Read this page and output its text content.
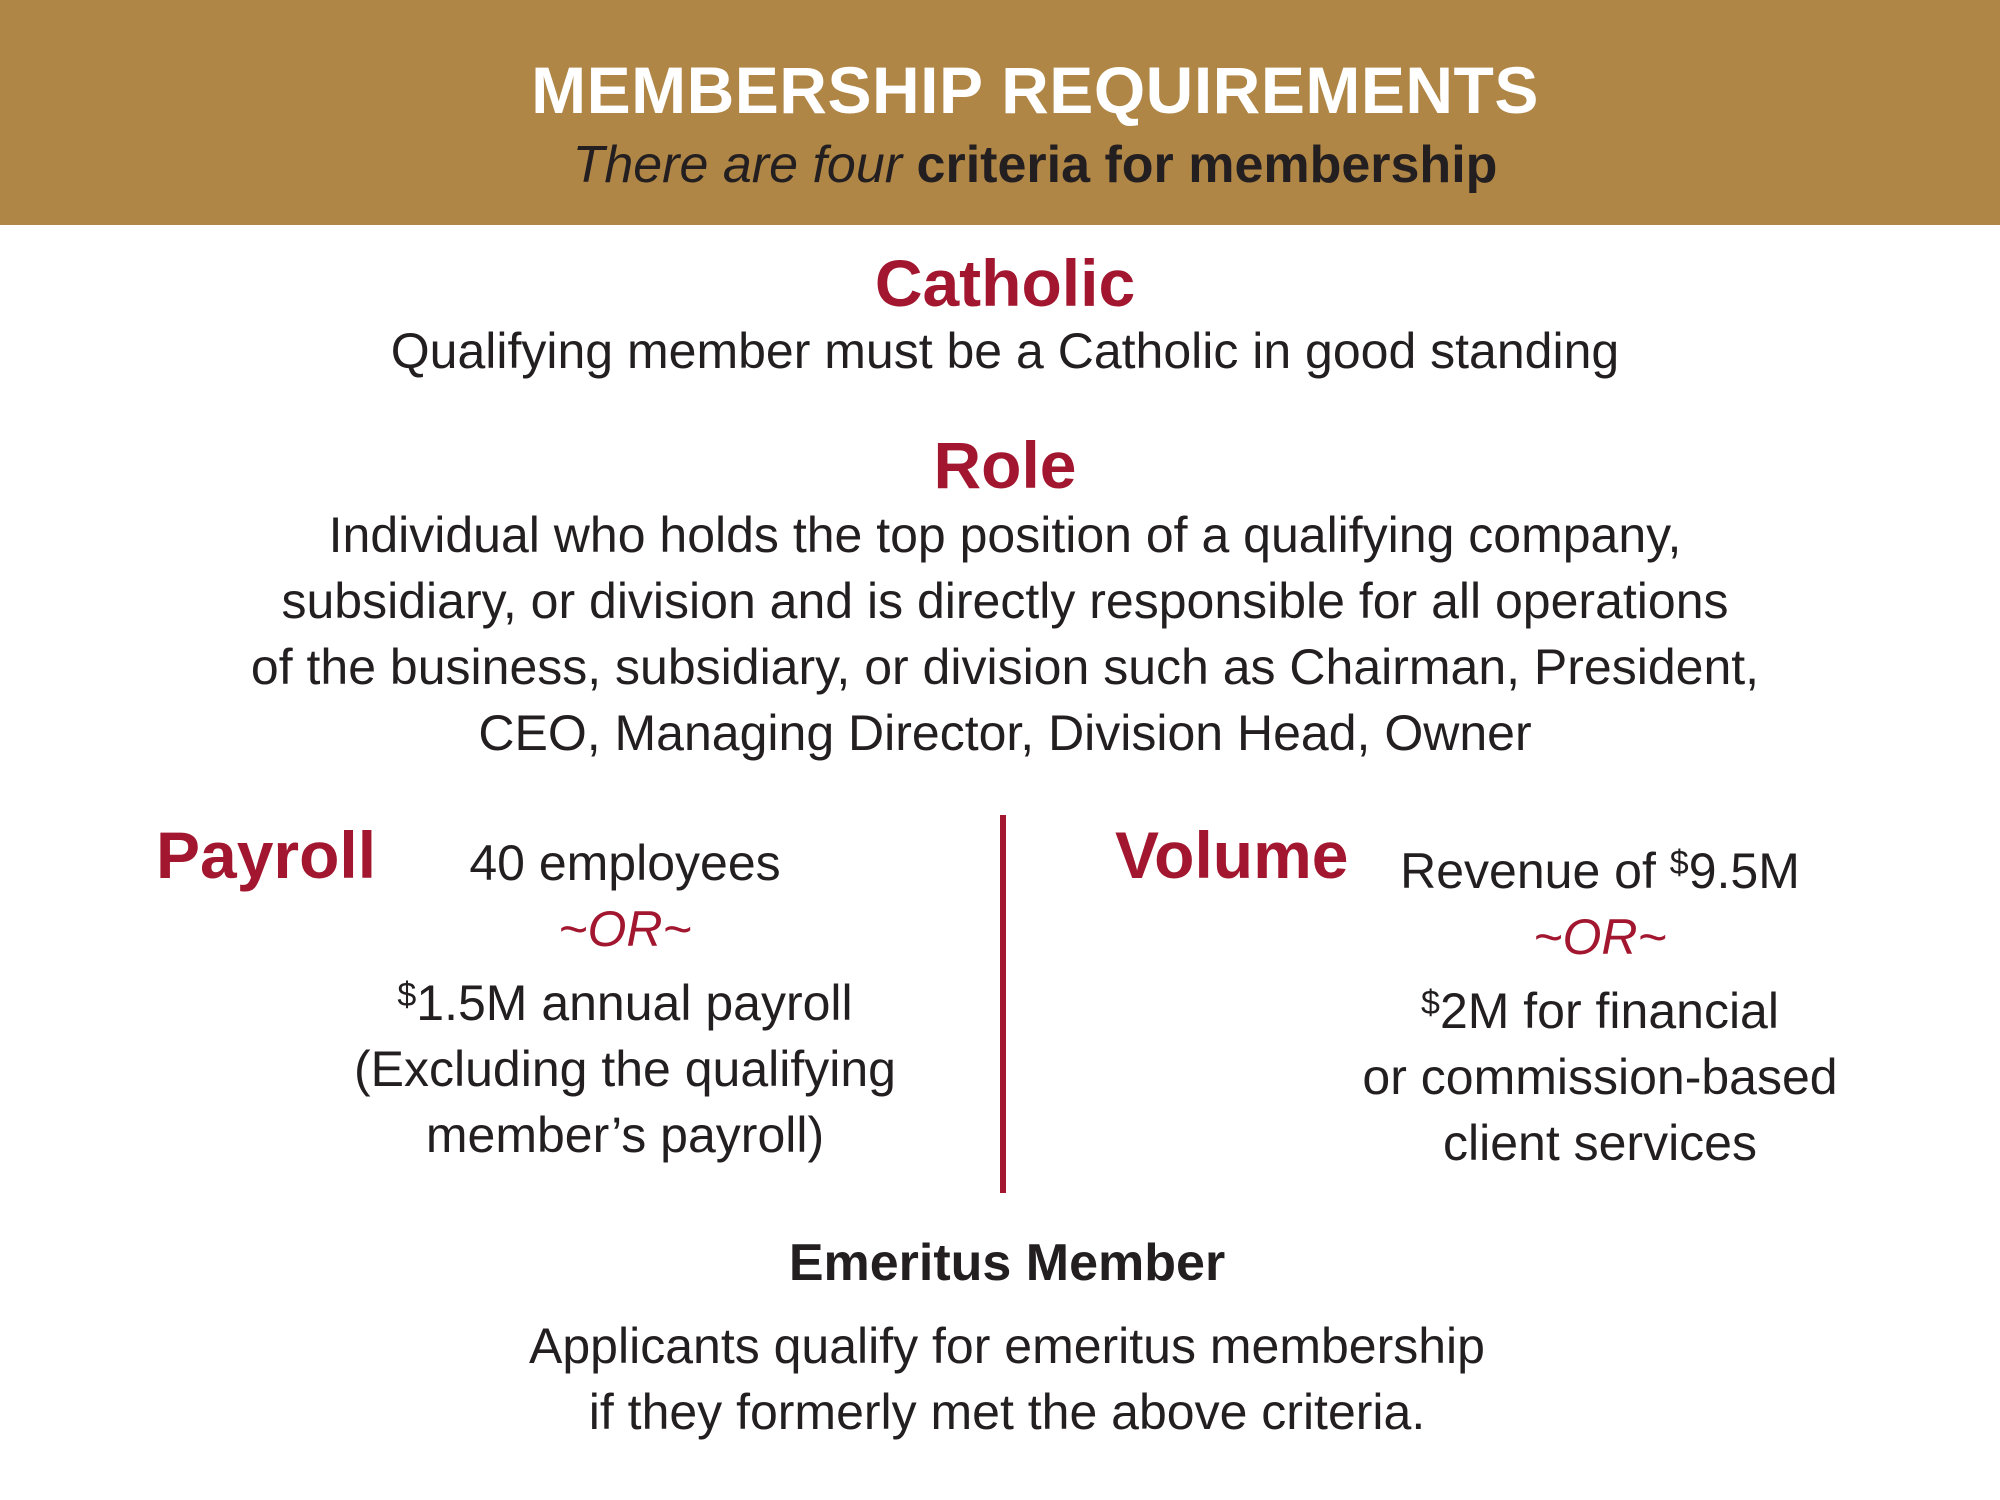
MEMBERSHIP REQUIREMENTS
There are four criteria for membership
Catholic
Qualifying member must be a Catholic in good standing
Role
Individual who holds the top position of a qualifying company,
subsidiary, or division and is directly responsible for all operations
of the business, subsidiary, or division such as Chairman, President,
CEO, Managing Director, Division Head, Owner
Payroll	40 employees
~OR~
$1.5M annual payroll
(Excluding the qualifying
member’s payroll)
Volume	Revenue of $9.5M
~OR~
$2M for financial
or commission-based
client services
Emeritus Member
Applicants qualify for emeritus membership
if they formerly met the above criteria.
